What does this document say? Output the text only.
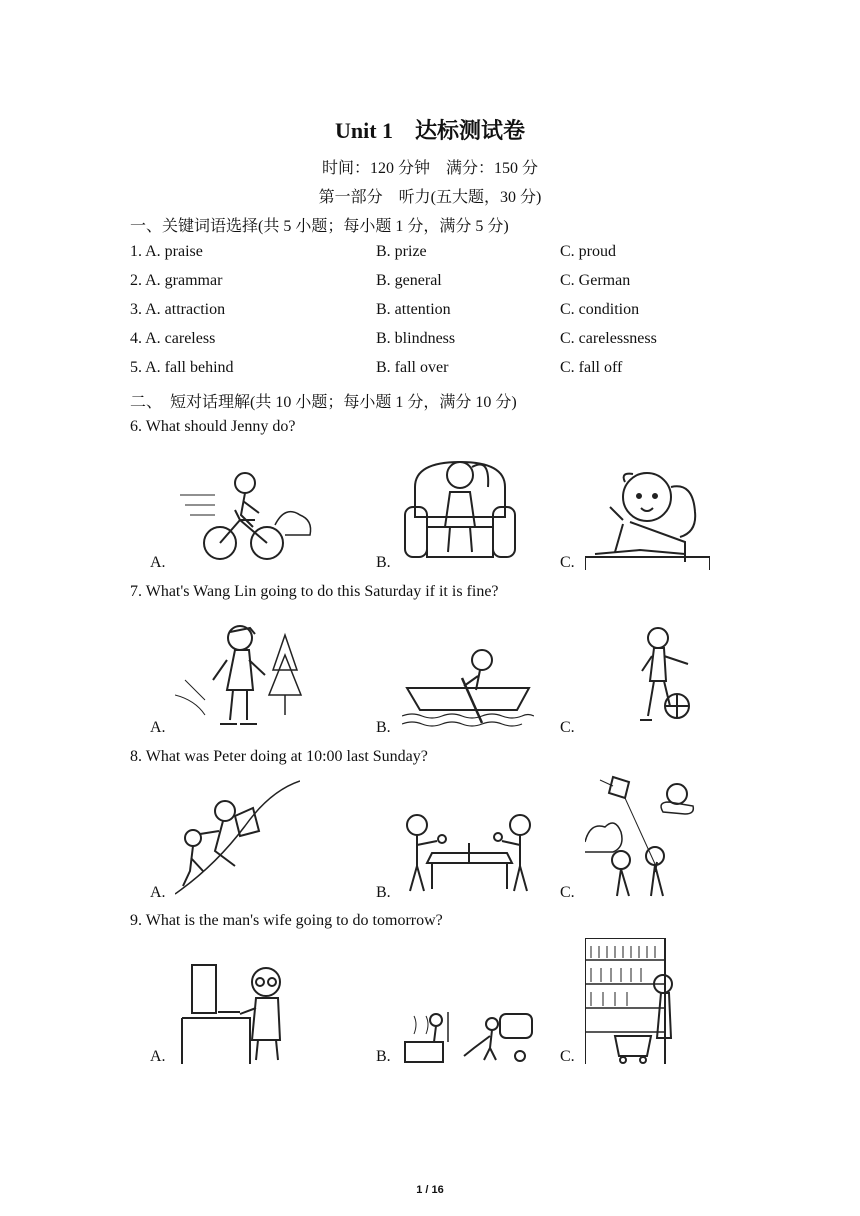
Unit 1　达标测试卷
时间：120 分钟　满分：150 分
第一部分　听力(五大题，30 分)
一、关键词语选择(共 5 小题；每小题 1 分，满分 5 分)
1. A. praise	B. prize	C. proud
2. A. grammar	B. general	C. German
3. A. attraction	B. attention	C. condition
4. A. careless	B. blindness	C. carelessness
5. A. fall behind	B. fall over	C. fall off
二、　短对话理解(共 10 小题；每小题 1 分，满分 10 分)
6. What should Jenny do?
A.	B.	C.
7. What's Wang Lin going to do this Saturday if it is fine?
A.	B.	C.
8. What was Peter doing at 10:00 last Sunday?
A.	B.	C.
9. What is the man's wife going to do tomorrow?
A.	B.	C.
1 / 16
